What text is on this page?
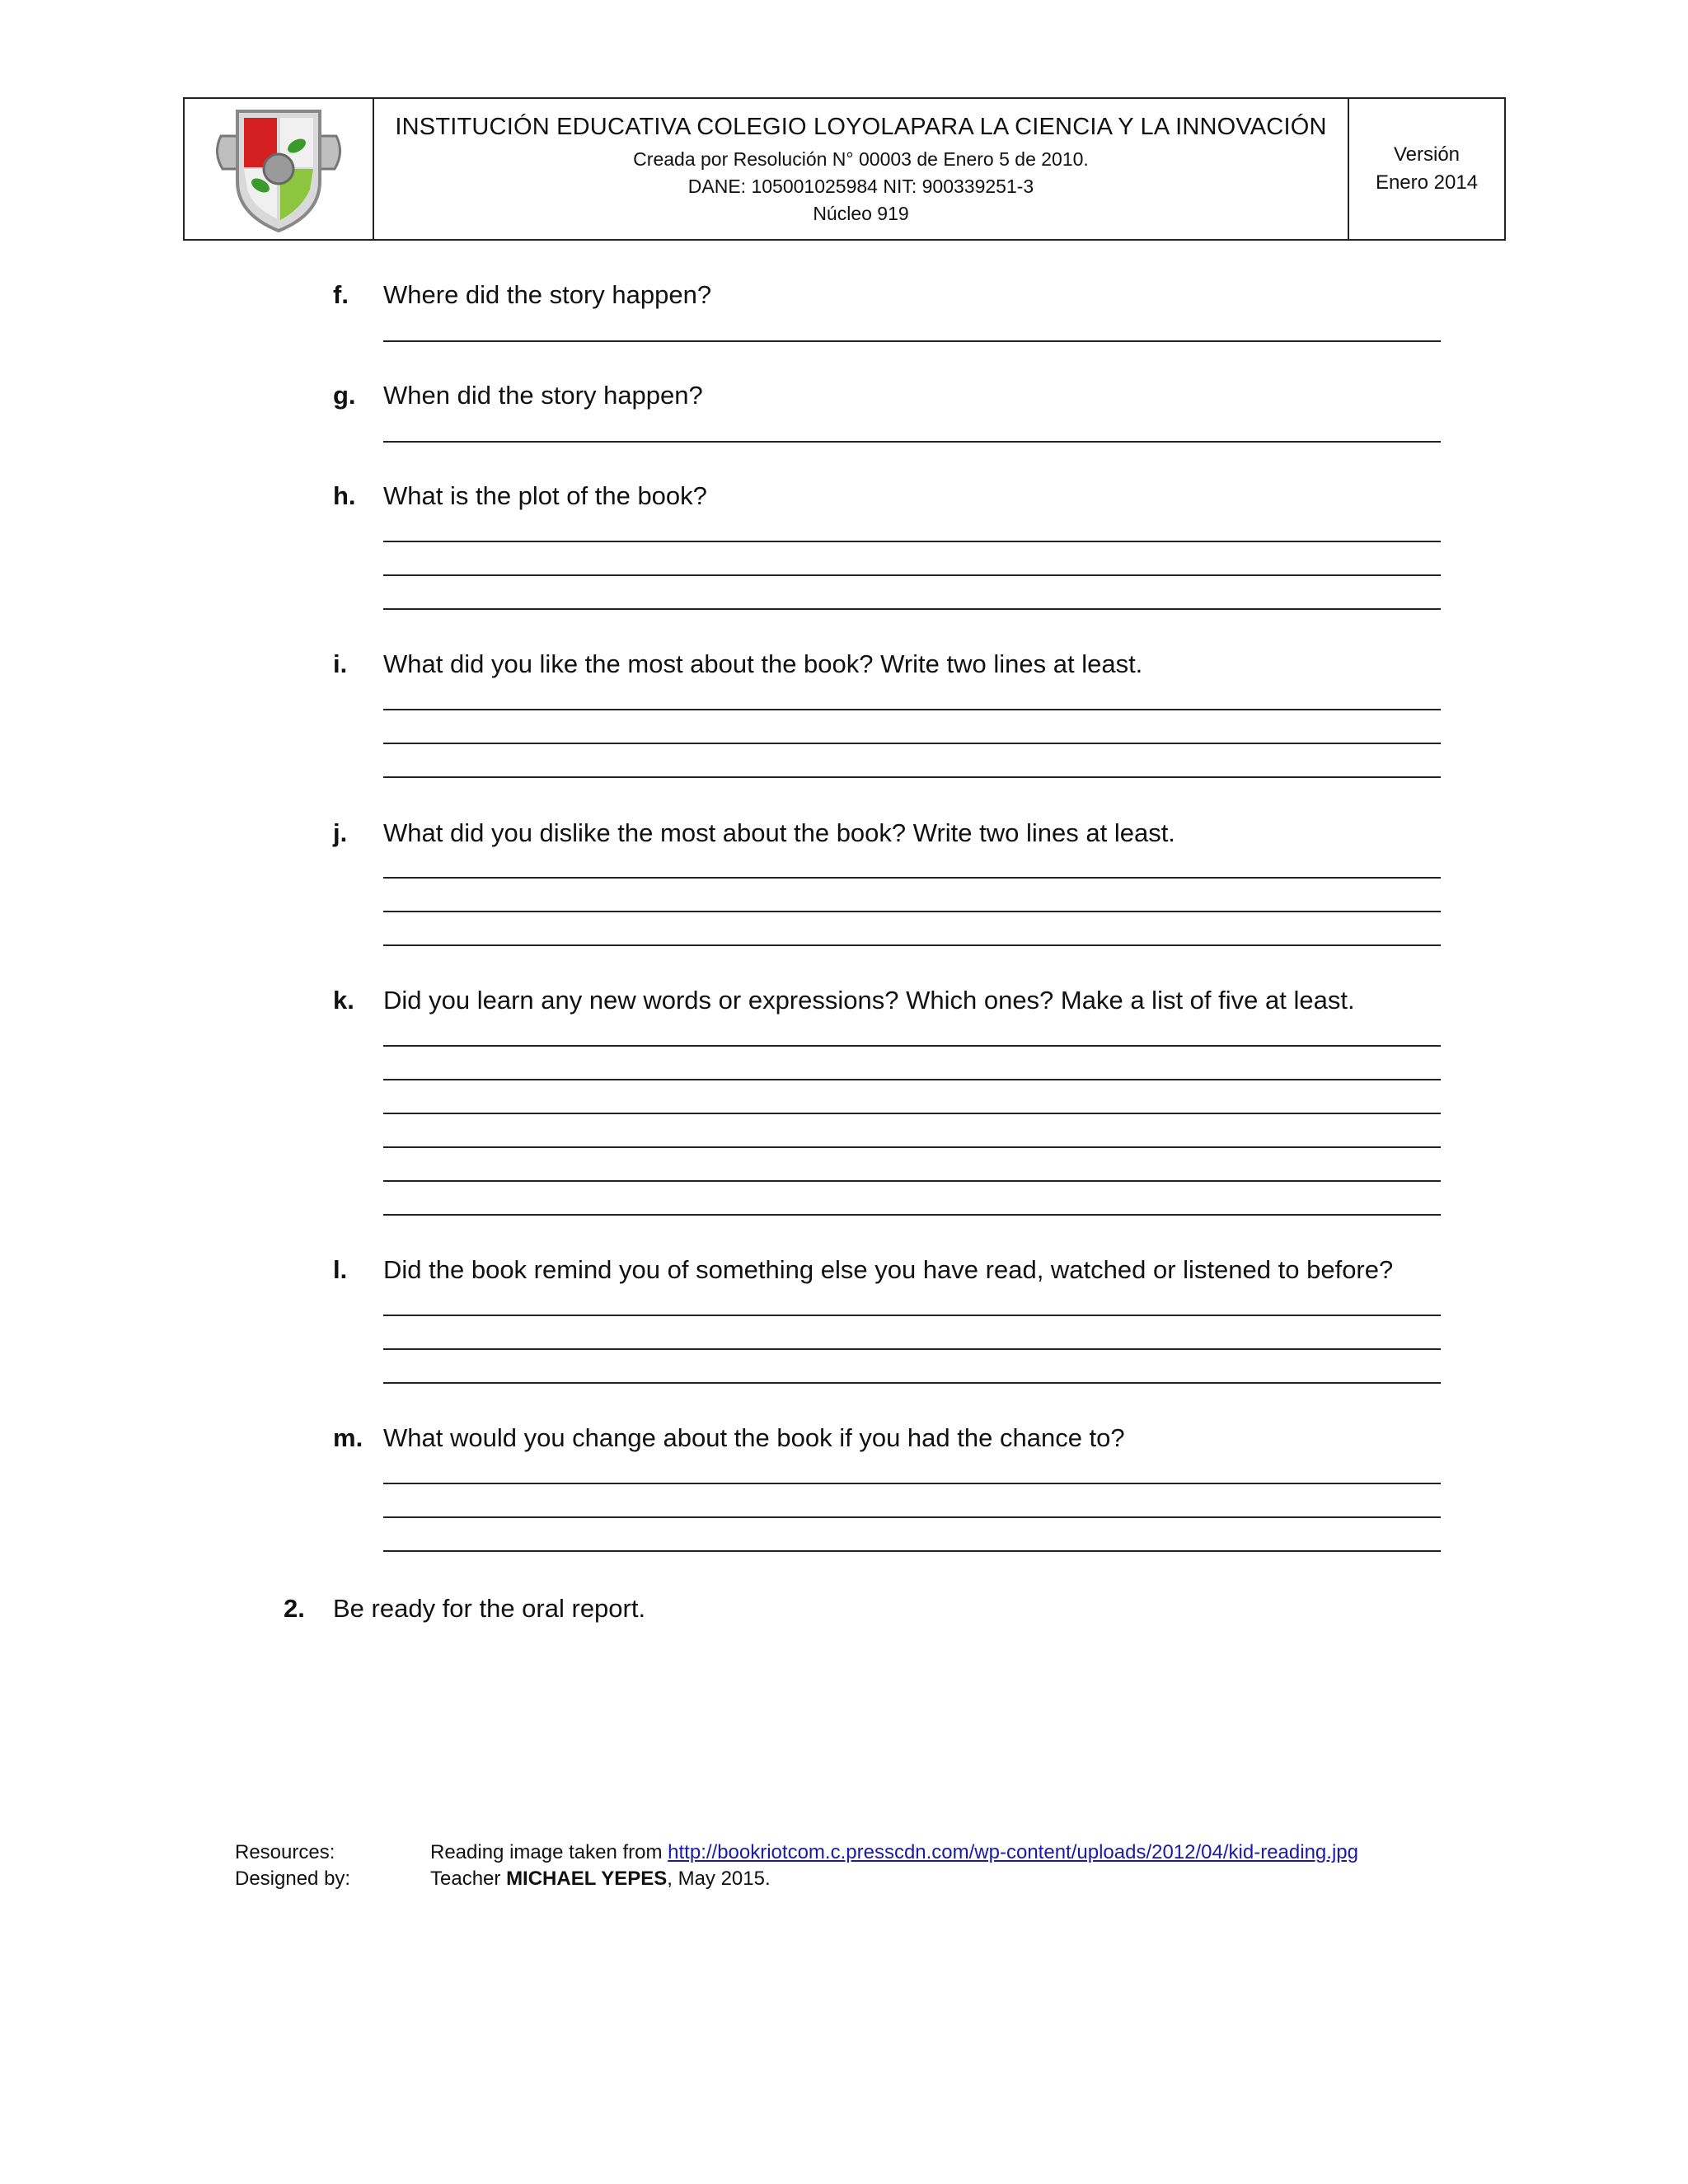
INSTITUCIÓN EDUCATIVA COLEGIO LOYOLAPARA LA CIENCIA Y LA INNOVACIÓN
Creada por Resolución N° 00003 de Enero 5 de 2010.
DANE: 105001025984 NIT: 900339251-3
Núcleo 919
Versión
Enero 2014
f. Where did the story happen?
g. When did the story happen?
h. What is the plot of the book?
i. What did you like the most about the book? Write two lines at least.
j. What did you dislike the most about the book? Write two lines at least.
k. Did you learn any new words or expressions? Which ones? Make a list of five at least.
l. Did the book remind you of something else you have read, watched or listened to before?
m. What would you change about the book if you had the chance to?
2. Be ready for the oral report.
Resources:	Reading image taken from http://bookriotcom.c.presscdn.com/wp-content/uploads/2012/04/kid-reading.jpg
Designed by:	Teacher MICHAEL YEPES, May 2015.
